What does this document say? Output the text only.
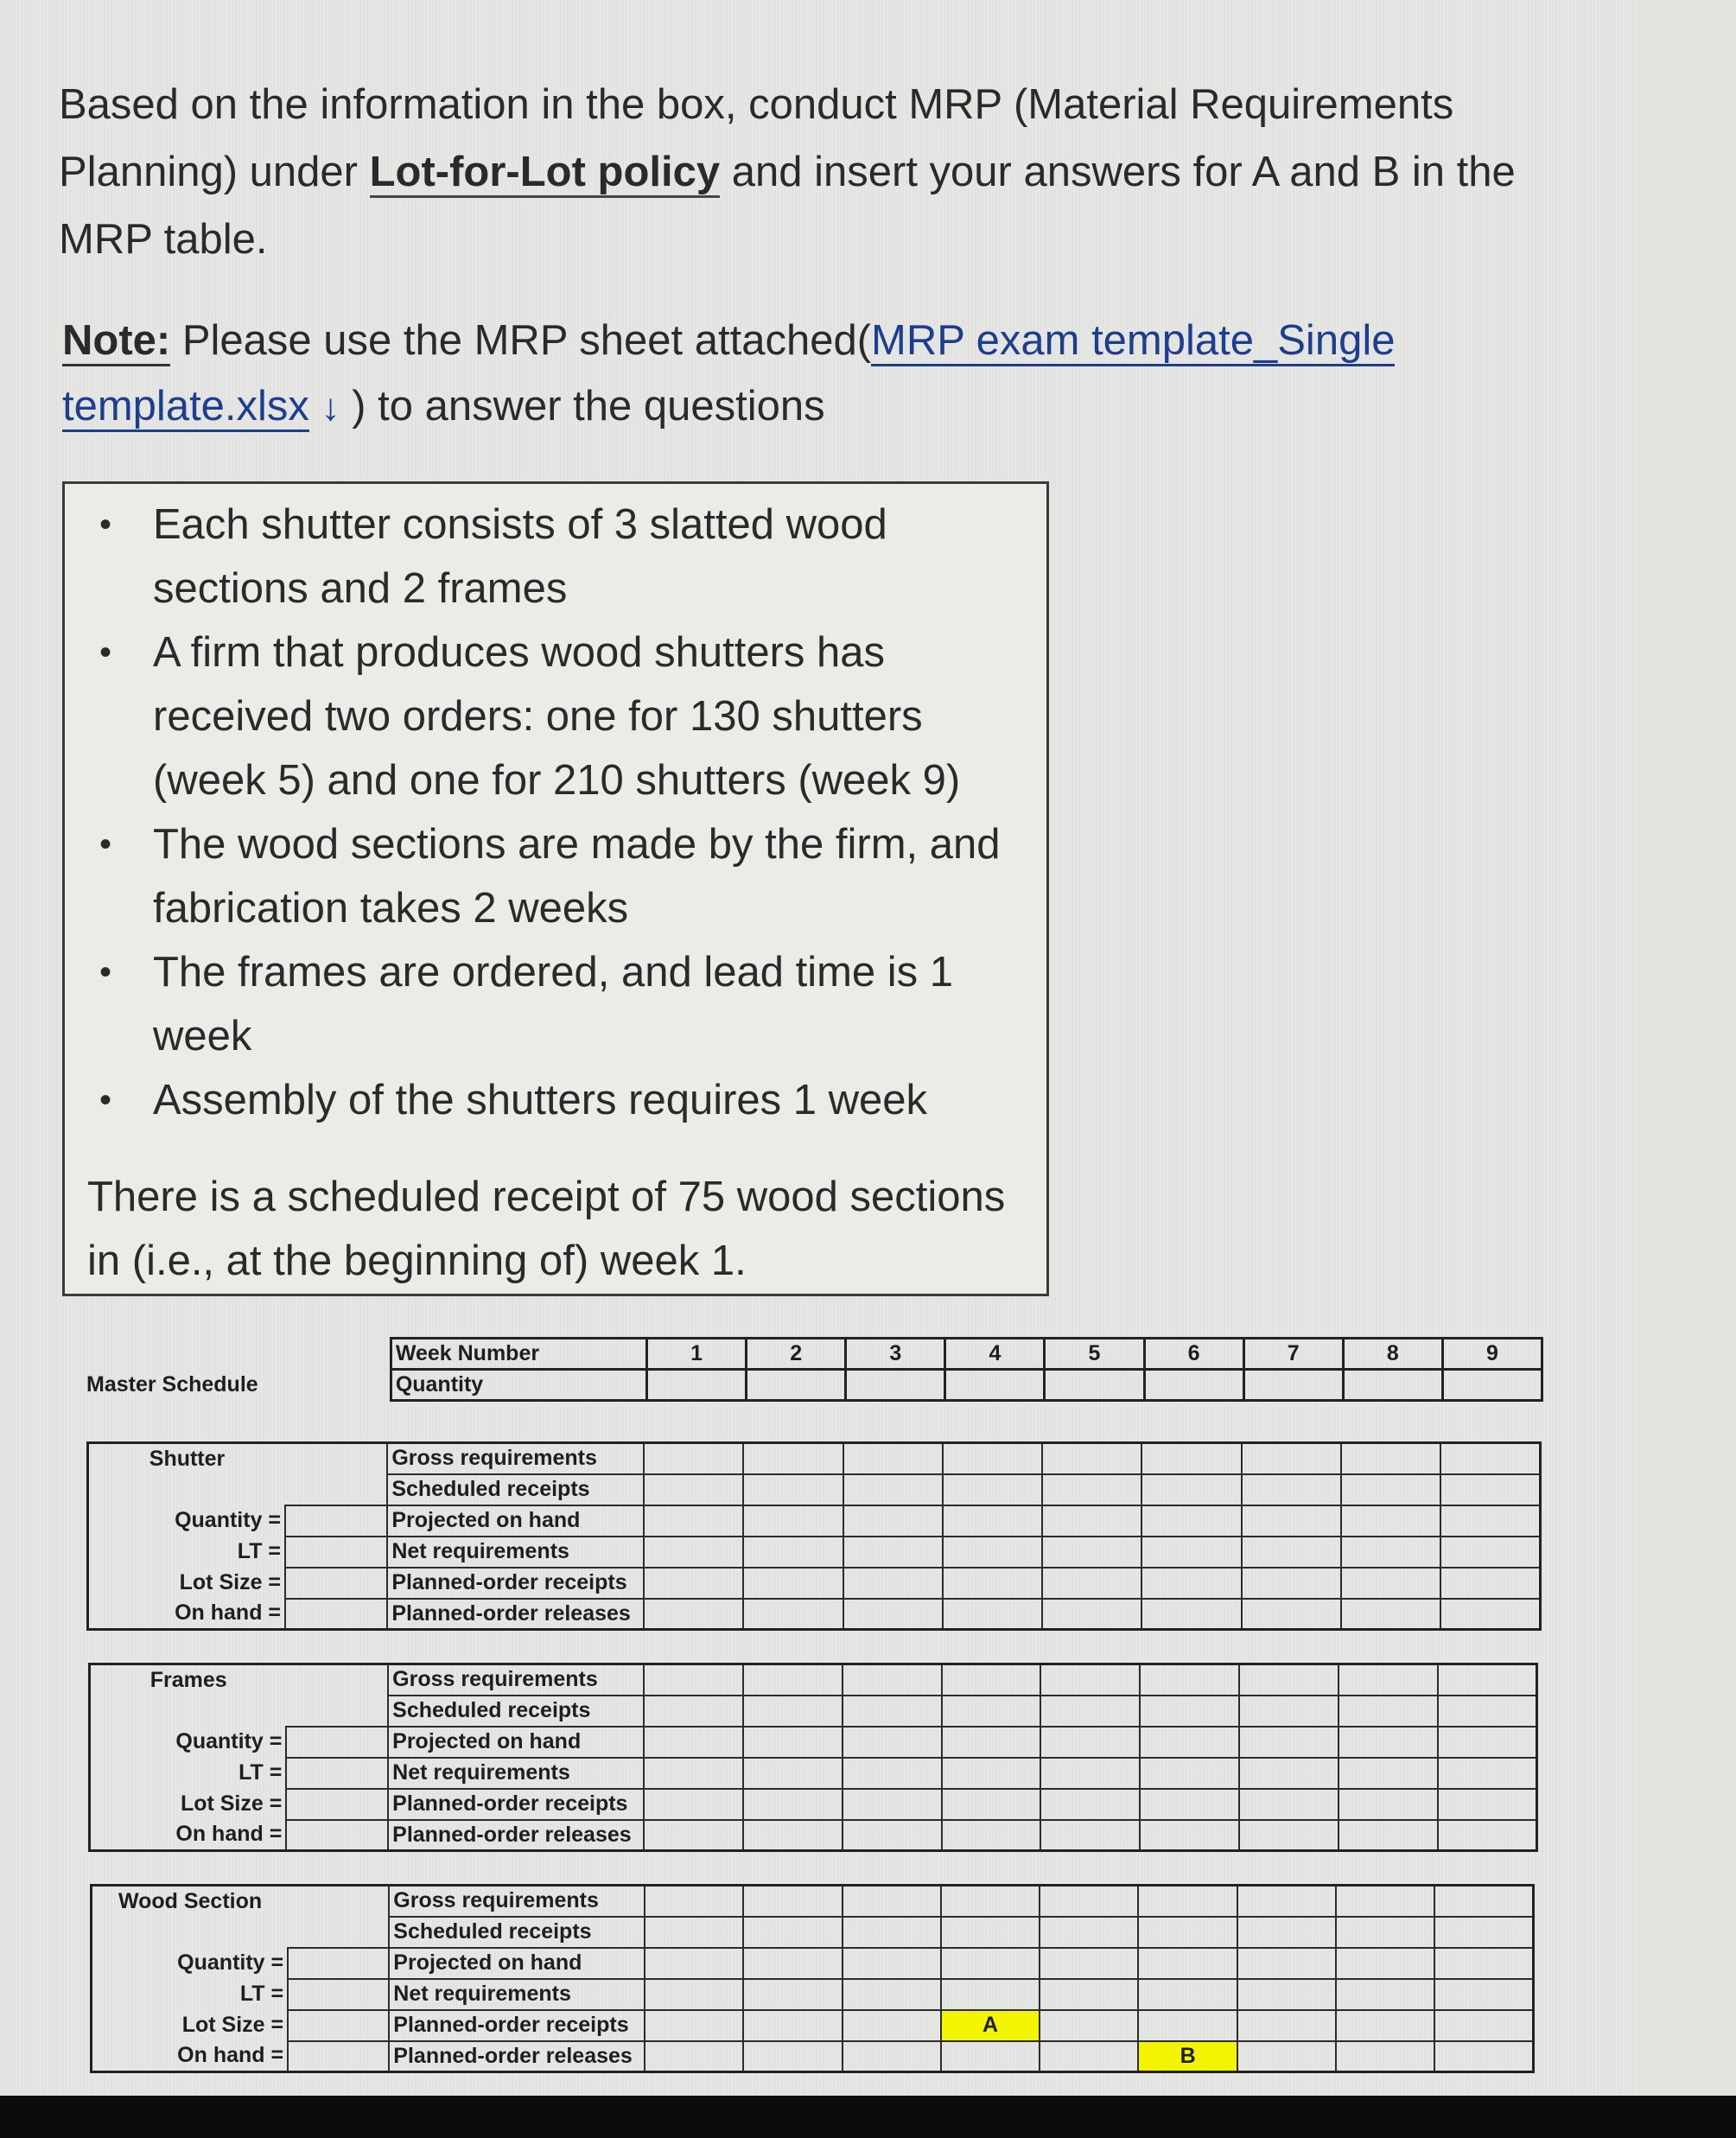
Based on the information in the box, conduct MRP (Material Requirements
Planning) under Lot-for-Lot policy and insert your answers for A and B in the
MRP table.
Note: Please use the MRP sheet attached(MRP exam template_Single
template.xlsx ↓ ) to answer the questions
• Each shutter consists of 3 slatted wood sections and 2 frames
• A firm that produces wood shutters has received two orders: one for 130 shutters (week 5) and one for 210 shutters (week 9)
• The wood sections are made by the firm, and fabrication takes 2 weeks
• The frames are ordered, and lead time is 1 week
• Assembly of the shutters requires 1 week
There is a scheduled receipt of 75 wood sections
in (i.e., at the beginning of) week 1.
	Week Number	1	2	3	4	5	6	7	8	9
Master Schedule	Quantity									
Shutter		Gross requirements									
		Scheduled receipts									
Quantity =		Projected on hand									
LT =		Net requirements									
Lot Size =		Planned-order receipts									
On hand =		Planned-order releases									
Frames		Gross requirements									
		Scheduled receipts									
Quantity =		Projected on hand									
LT =		Net requirements									
Lot Size =		Planned-order receipts									
On hand =		Planned-order releases									
Wood Section		Gross requirements									
		Scheduled receipts									
Quantity =		Projected on hand									
LT =		Net requirements									
Lot Size =		Planned-order receipts				A					
On hand =		Planned-order releases						B			
